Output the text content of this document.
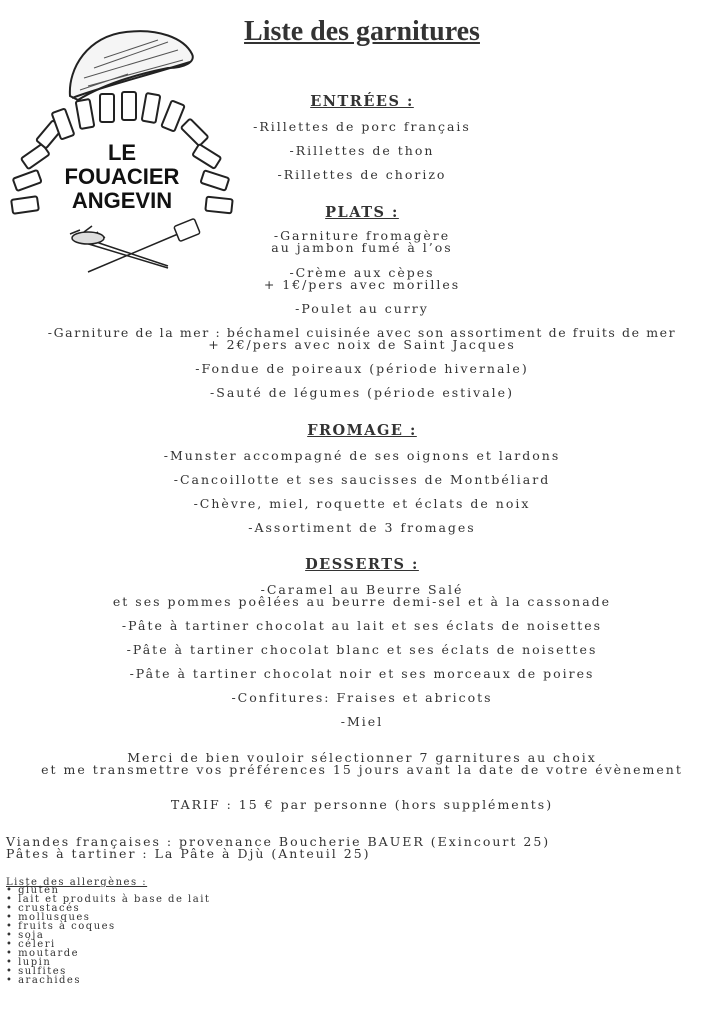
Liste des garnitures
LE
FOUACIER
ANGEVIN
ENTRÉES :
-Rillettes de porc français
-Rillettes de thon
-Rillettes de chorizo
PLATS :
-Garniture fromagère
au jambon fumé à l’os
-Crème aux cèpes
+ 1€/pers avec morilles
-Poulet au curry
-Garniture de la mer : béchamel cuisinée avec son assortiment de fruits de mer
+ 2€/pers avec noix de Saint Jacques
-Fondue de poireaux (période hivernale)
-Sauté de légumes (période estivale)
FROMAGE :
-Munster accompagné de ses oignons et lardons
-Cancoillotte et ses saucisses de Montbéliard
-Chèvre, miel, roquette et éclats de noix
-Assortiment de 3 fromages
DESSERTS :
-Caramel au Beurre Salé
et ses pommes poêlées au beurre demi-sel et à la cassonade
-Pâte à tartiner chocolat au lait et ses éclats de noisettes
-Pâte à tartiner chocolat blanc et ses éclats de noisettes
-Pâte à tartiner chocolat noir et ses morceaux de poires
-Confitures: Fraises et abricots
-Miel
Merci de bien vouloir sélectionner 7 garnitures au choix
et me transmettre vos préférences 15 jours avant la date de votre évènement
TARIF : 15 € par personne (hors suppléments)
Viandes françaises : provenance Boucherie BAUER (Exincourt 25)
Pâtes à tartiner : La Pâte à Djù (Anteuil 25)
Liste des allergènes :
• gluten
• lait et produits à base de lait
• crustacés
• mollusques
• fruits à coques
• soja
• céleri
• moutarde
• lupin
• sulfites
• arachides
